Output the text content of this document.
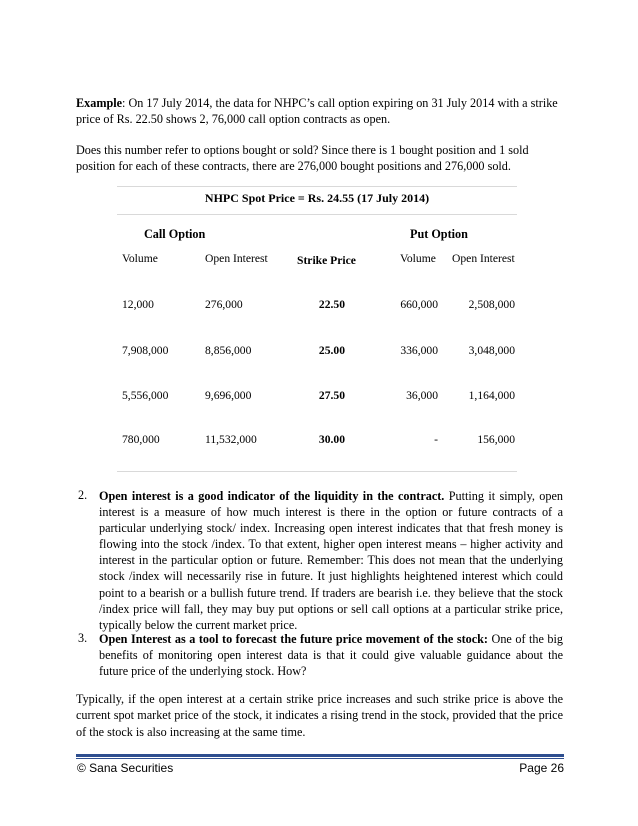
Example: On 17 July 2014, the data for NHPC’s call option expiring on 31 July 2014 with a strike price of Rs. 22.50 shows 2, 76,000 call option contracts as open.

Does this number refer to options bought or sold? Since there is 1 bought position and 1 sold position for each of these contracts, there are 276,000 bought positions and 276,000 sold.

NHPC Spot Price = Rs. 24.55 (17 July 2014)
Call Option	Put Option
Volume	Open Interest	Strike Price	Volume Open Interest
12,000	276,000	22.50	660,000	2,508,000
7,908,000	8,856,000	25.00	336,000	3,048,000
5,556,000	9,696,000	27.50	36,000	1,164,000
780,000	11,532,000	30.00	-	156,000
2. Open interest is a good indicator of the liquidity in the contract. Putting it simply, open interest is a measure of how much interest is there in the option or future contracts of a particular underlying stock/ index. Increasing open interest indicates that that fresh money is flowing into the stock /index. To that extent, higher open interest means – higher activity and interest in the particular option or future. Remember: This does not mean that the underlying stock /index will necessarily rise in future. It just highlights heightened interest which could point to a bearish or a bullish future trend. If traders are bearish i.e. they believe that the stock /index price will fall, they may buy put options or sell call options at a particular strike price, typically below the current market price.

3. Open Interest as a tool to forecast the future price movement of the stock: One of the big benefits of monitoring open interest data is that it could give valuable guidance about the future price of the underlying stock. How?

Typically, if the open interest at a certain strike price increases and such strike price is above the current spot market price of the stock, it indicates a rising trend in the stock, provided that the price of the stock is also increasing at the same time.

© Sana Securities	Page 26
